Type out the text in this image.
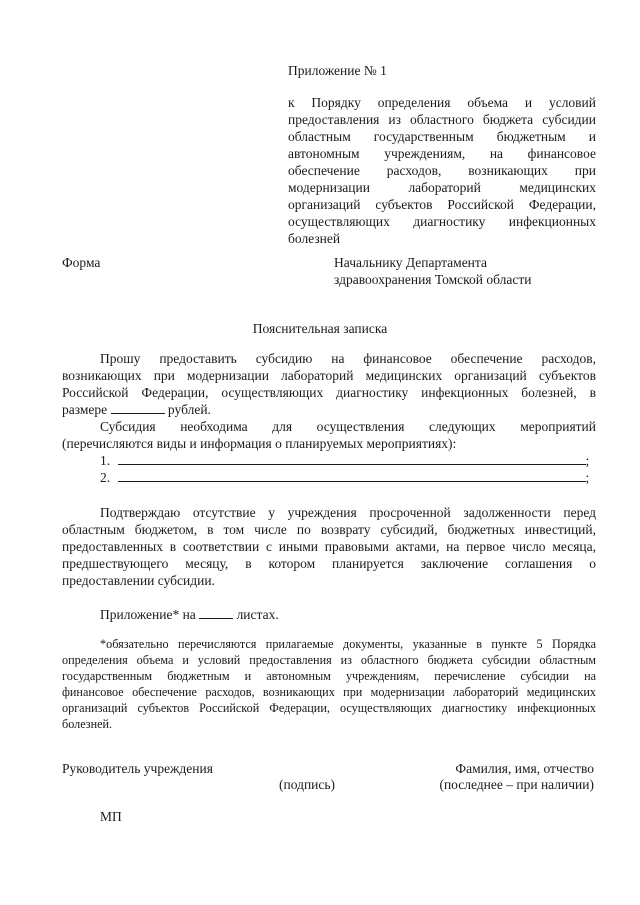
Приложение № 1
к Порядку определения объема и условий
предоставления из областного бюджета субсидии
областным государственным бюджетным и
автономным учреждениям, на финансовое
обеспечение расходов, возникающих при
модернизации лабораторий медицинских
организаций субъектов Российской Федерации,
осуществляющих диагностику инфекционных
болезней
Форма	Начальнику Департамента
здравоохранения Томской области
Пояснительная записка
Прошу предоставить субсидию на финансовое обеспечение расходов,
возникающих при модернизации лабораторий медицинских организаций субъектов
Российской Федерации, осуществляющих диагностику инфекционных болезней, в
размере	рублей.
Субсидия необходима для осуществления следующих мероприятий
(перечисляются виды и информация о планируемых мероприятиях):
1.	;
2.	;
Подтверждаю отсутствие у учреждения просроченной задолженности перед
областным бюджетом, в том числе по возврату субсидий, бюджетных инвестиций,
предоставленных в соответствии с иными правовыми актами, на первое число месяца,
предшествующего месяцу, в котором планируется заключение соглашения о
предоставлении субсидии.
Приложение* на	листах.
*обязательно перечисляются прилагаемые документы, указанные в пункте 5 Порядка
определения объема и условий предоставления из областного бюджета субсидии областным
государственным бюджетным и автономным учреждениям, перечисление субсидии на
финансовое обеспечение расходов, возникающих при модернизации лабораторий медицинских
организаций субъектов Российской Федерации, осуществляющих диагностику инфекционных
болезней.
Руководитель учреждения	Фамилия, имя, отчество
(подпись)	(последнее – при наличии)
МП
